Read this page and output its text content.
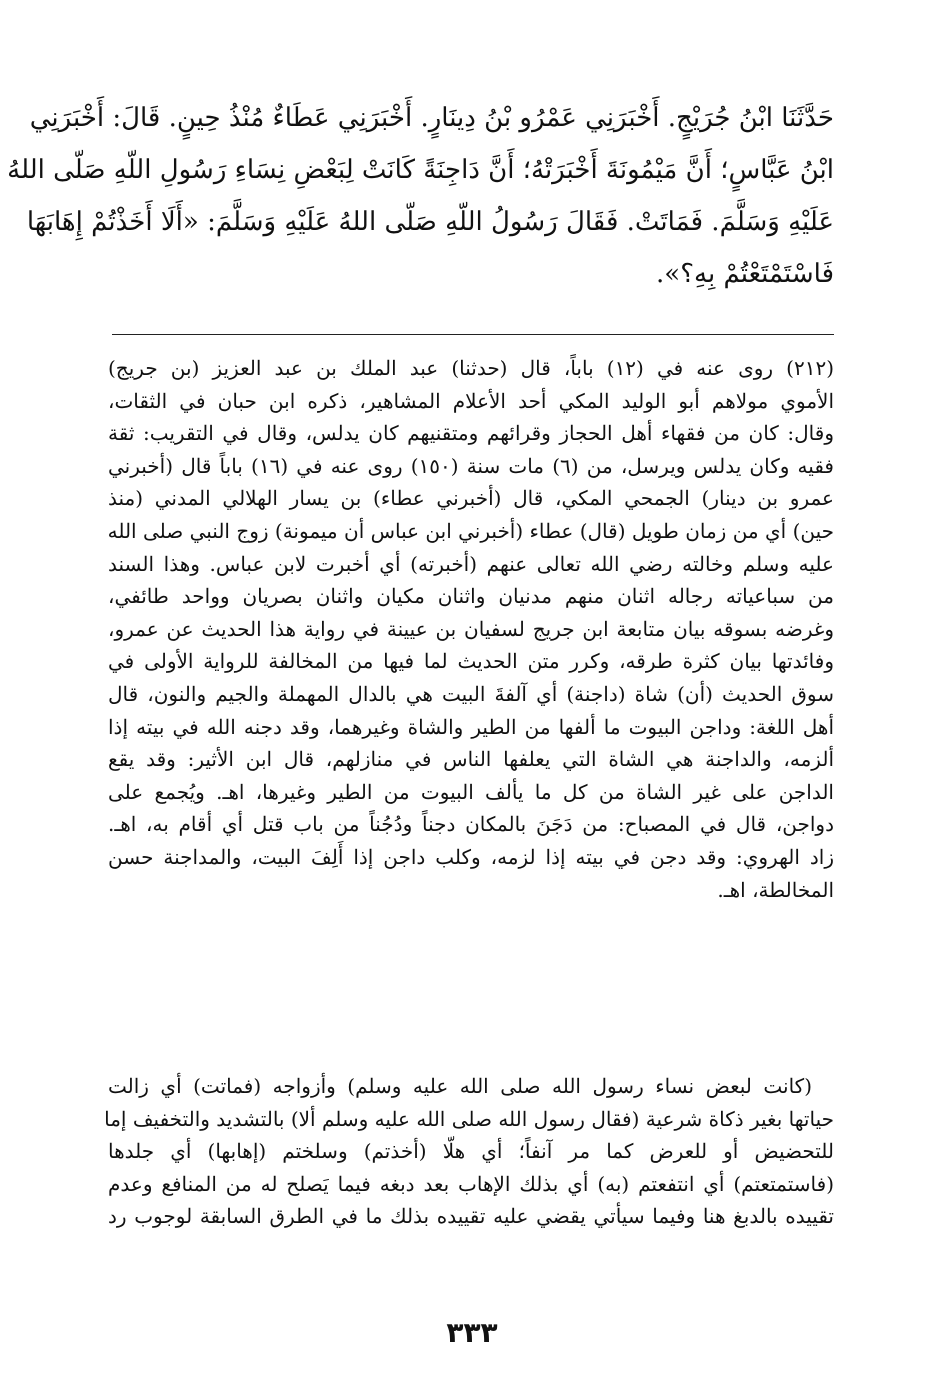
حَدَّثَنَا ابْنُ جُرَيْجٍ. أَخْبَرَنِي عَمْرُو بْنُ دِينَارٍ. أَخْبَرَنِي عَطَاءٌ مُنْذُ حِينٍ. قَالَ: أَخْبَرَنِي
ابْنُ عَبَّاسٍ؛ أَنَّ مَيْمُونَةَ أَخْبَرَتْهُ؛ أَنَّ دَاجِنَةً كَانَتْ لِبَعْضِ نِسَاءِ رَسُولِ اللّهِ صَلّى اللهُ
عَلَيْهِ وَسَلَّمَ. فَمَاتَتْ. فَقَالَ رَسُولُ اللّهِ صَلّى اللهُ عَلَيْهِ وَسَلَّمَ: «أَلَا أَخَذْتُمْ إِهَابَهَا
فَاسْتَمْتَعْتُمْ بِهِ؟».
(٢١٢) روى عنه في (١٢) باباً، قال (حدثنا) عبد الملك بن عبد العزيز (بن جريج)
الأموي مولاهم أبو الوليد المكي أحد الأعلام المشاهير، ذكره ابن حبان في الثقات،
وقال: كان من فقهاء أهل الحجاز وقرائهم ومتقنيهم كان يدلس، وقال في التقريب: ثقة
فقيه وكان يدلس ويرسل، من (٦) مات سنة (١٥٠) روى عنه في (١٦) باباً قال (أخبرني
عمرو بن دينار) الجمحي المكي، قال (أخبرني عطاء) بن يسار الهلالي المدني (منذ
حين) أي من زمان طويل (قال) عطاء (أخبرني ابن عباس أن ميمونة) زوج النبي صلى الله
عليه وسلم وخالته رضي الله تعالى عنهم (أخبرته) أي أخبرت لابن عباس. وهذا السند
من سباعياته رجاله اثنان منهم مدنيان واثنان مكيان واثنان بصريان وواحد طائفي،
وغرضه بسوقه بيان متابعة ابن جريج لسفيان بن عيينة في رواية هذا الحديث عن عمرو،
وفائدتها بيان كثرة طرقه، وكرر متن الحديث لما فيها من المخالفة للرواية الأولى في
سوق الحديث (أن) شاة (داجنة) أي آلفةَ البيت هي بالدال المهملة والجيم والنون، قال
أهل اللغة: وداجن البيوت ما ألفها من الطير والشاة وغيرهما، وقد دجنه الله في بيته إذا
ألزمه، والداجنة هي الشاة التي يعلفها الناس في منازلهم، قال ابن الأثير: وقد يقع
الداجن على غير الشاة من كل ما يألف البيوت من الطير وغيرها، اهـ. ويُجمع على
دواجن، قال في المصباح: من دَجَنَ بالمكان دجناً ودُجُناً من باب قتل أي أقام به، اهـ.
زاد الهروي: وقد دجن في بيته إذا لزمه، وكلب داجن إذا أَلِفَ البيت، والمداجنة حسن
المخالطة، اهـ.
(كانت لبعض نساء رسول الله صلى الله عليه وسلم) وأزواجه (فماتت) أي زالت
حياتها بغير ذكاة شرعية (فقال رسول الله صلى الله عليه وسلم ألا) بالتشديد والتخفيف إما
للتحضيض أو للعرض كما مر آنفاً؛ أي هلّا (أخذتم) وسلختم (إهابها) أي جلدها
(فاستمتعتم) أي انتفعتم (به) أي بذلك الإهاب بعد دبغه فيما يَصلح له من المنافع وعدم
تقييده بالدبغ هنا وفيما سيأتي يقضي عليه تقييده بذلك ما في الطرق السابقة لوجوب رد
٣٣٣
